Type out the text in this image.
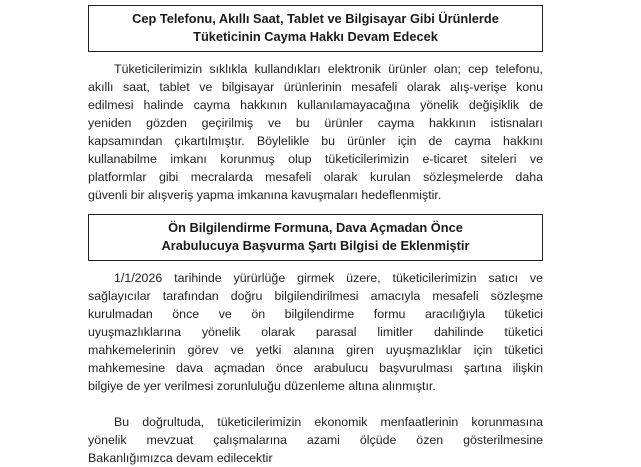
Cep Telefonu, Akıllı Saat, Tablet ve Bilgisayar Gibi Ürünlerde
Tüketicinin Cayma Hakkı Devam Edecek

Tüketicilerimizin sıklıkla kullandıkları elektronik ürünler olan; cep telefonu,
akıllı saat, tablet ve bilgisayar ürünlerinin mesafeli olarak alış-verişe konu
edilmesi halinde cayma hakkının kullanılamayacağına yönelik değişiklik de
yeniden gözden geçirilmiş ve bu ürünler cayma hakkının istisnaları
kapsamından çıkartılmıştır. Böylelikle bu ürünler için de cayma hakkını
kullanabilme imkanı korunmuş olup tüketicilerimizin e-ticaret siteleri ve
platformlar gibi mecralarda mesafeli olarak kurulan sözleşmelerde daha
güvenli bir alışveriş yapma imkanına kavuşmaları hedeflenmiştir.

Ön Bilgilendirme Formuna, Dava Açmadan Önce
Arabulucuya Başvurma Şartı Bilgisi de Eklenmiştir

1/1/2026 tarihinde yürürlüğe girmek üzere, tüketicilerimizin satıcı ve
sağlayıcılar tarafından doğru bilgilendirilmesi amacıyla mesafeli sözleşme
kurulmadan önce ve ön bilgilendirme formu aracılığıyla tüketici
uyuşmazlıklarına yönelik olarak parasal limitler dahilinde tüketici
mahkemelerinin görev ve yetki alanına giren uyuşmazlıklar için tüketici
mahkemesine dava açmadan önce arabulucu başvurulması şartına ilişkin
bilgiye de yer verilmesi zorunluluğu düzenleme altına alınmıştır.

Bu doğrultuda, tüketicilerimizin ekonomik menfaatlerinin korunmasına
yönelik mevzuat çalışmalarına azami ölçüde özen gösterilmesine
Bakanlığımızca devam edilecektir
